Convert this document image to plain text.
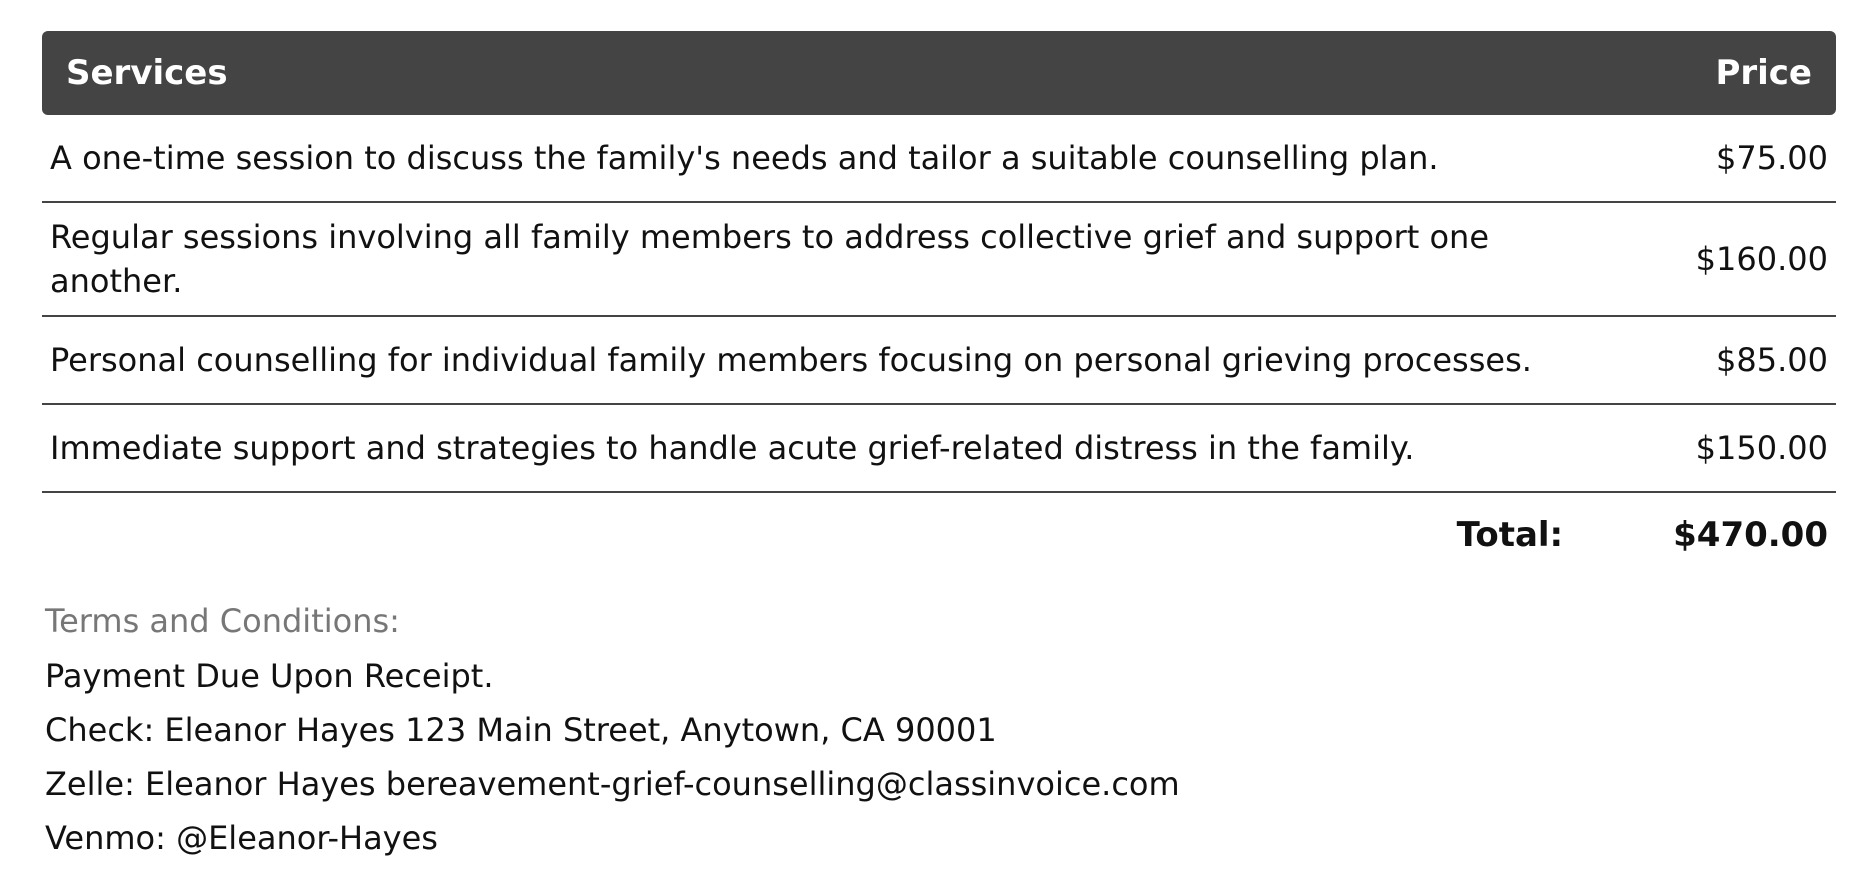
Services	Price
A one-time session to discuss the family's needs and tailor a suitable counselling plan.	$75.00
Regular sessions involving all family members to address collective grief and support one another.	$160.00
Personal counselling for individual family members focusing on personal grieving processes.	$85.00
Immediate support and strategies to handle acute grief-related distress in the family.	$150.00
Total:	$470.00
Terms and Conditions:
Payment Due Upon Receipt.
Check: Eleanor Hayes 123 Main Street, Anytown, CA 90001
Zelle: Eleanor Hayes bereavement-grief-counselling@classinvoice.com
Venmo: @Eleanor-Hayes
